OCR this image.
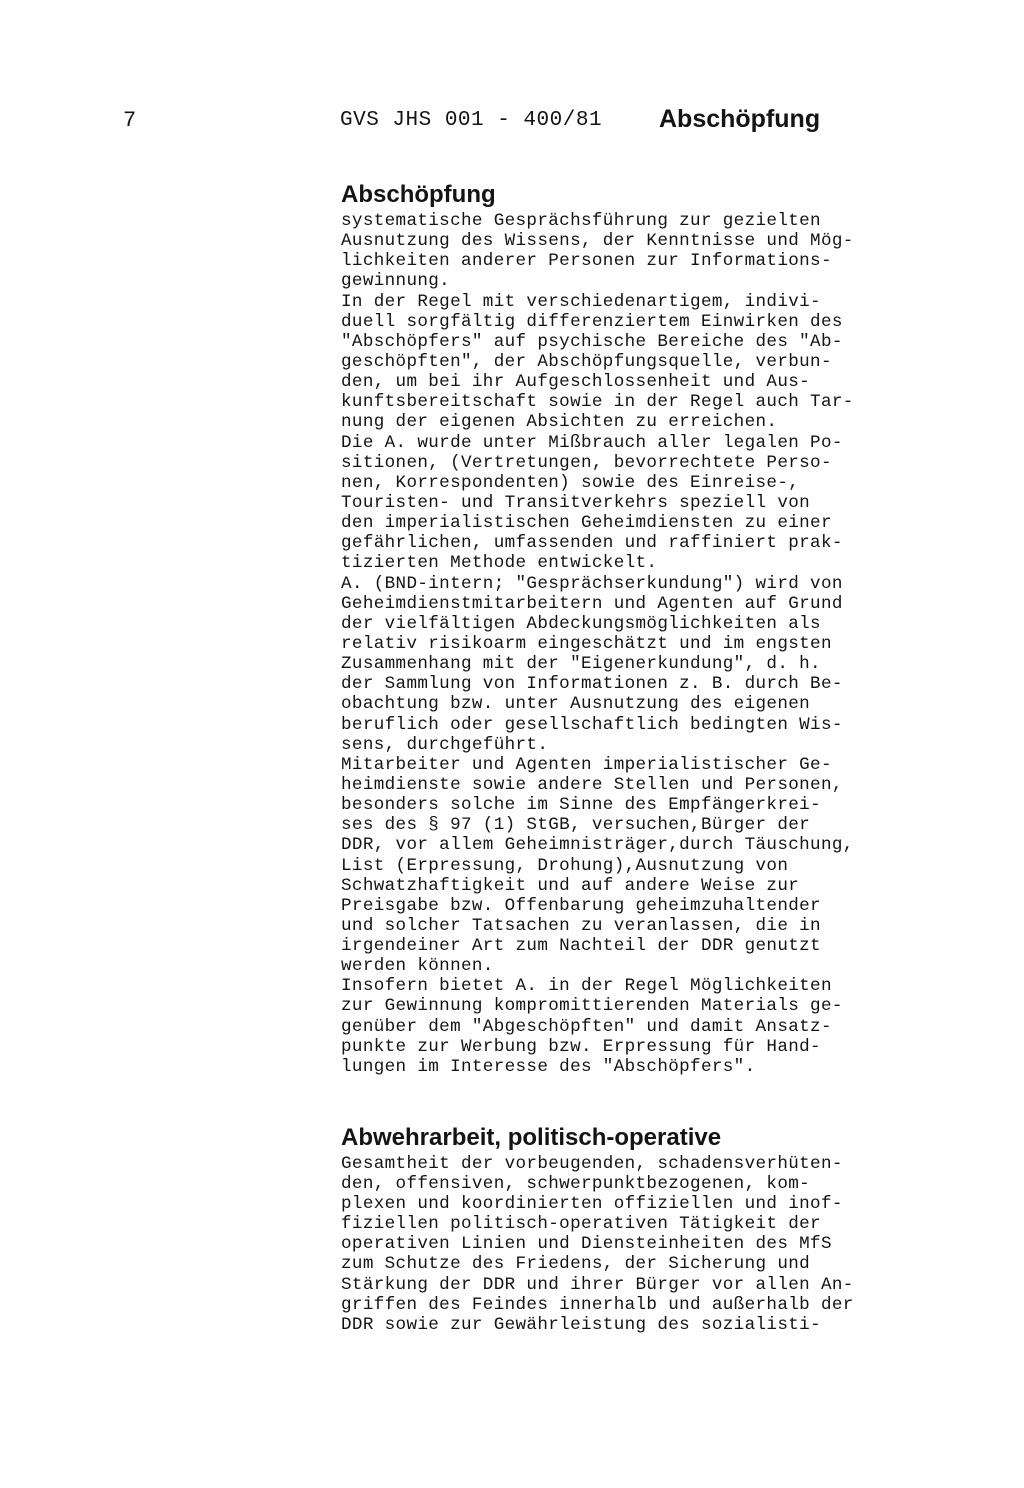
7	GVS JHS 001 - 400/81 Abschöpfung
Abschöpfung
systematische Gesprächsführung zur gezielten
Ausnutzung des Wissens, der Kenntnisse und Mög-
lichkeiten anderer Personen zur Informations-
gewinnung.
In der Regel mit verschiedenartigem, indivi-
duell sorgfältig differenziertem Einwirken des
"Abschöpfers" auf psychische Bereiche des "Ab-
geschöpften", der Abschöpfungsquelle, verbun-
den, um bei ihr Aufgeschlossenheit und Aus-
kunftsbereitschaft sowie in der Regel auch Tar-
nung der eigenen Absichten zu erreichen.
Die A. wurde unter Mißbrauch aller legalen Po-
sitionen, (Vertretungen, bevorrechtete Perso-
nen, Korrespondenten) sowie des Einreise-,
Touristen- und Transitverkehrs speziell von
den imperialistischen Geheimdiensten zu einer
gefährlichen, umfassenden und raffiniert prak-
tizierten Methode entwickelt.
A. (BND-intern; "Gesprächserkundung") wird von
Geheimdienstmitarbeitern und Agenten auf Grund
der vielfältigen Abdeckungsmöglichkeiten als
relativ risikoarm eingeschätzt und im engsten
Zusammenhang mit der "Eigenerkundung", d. h.
der Sammlung von Informationen z. B. durch Be-
obachtung bzw. unter Ausnutzung des eigenen
beruflich oder gesellschaftlich bedingten Wis-
sens, durchgeführt.
Mitarbeiter und Agenten imperialistischer Ge-
heimdienste sowie andere Stellen und Personen,
besonders solche im Sinne des Empfängerkrei-
ses des § 97 (1) StGB, versuchen,Bürger der
DDR, vor allem Geheimnisträger,durch Täuschung,
List (Erpressung, Drohung),Ausnutzung von
Schwatzhaftigkeit und auf andere Weise zur
Preisgabe bzw. Offenbarung geheimzuhaltender
und solcher Tatsachen zu veranlassen, die in
irgendeiner Art zum Nachteil der DDR genutzt
werden können.
Insofern bietet A. in der Regel Möglichkeiten
zur Gewinnung kompromittierenden Materials ge-
genüber dem "Abgeschöpften" und damit Ansatz-
punkte zur Werbung bzw. Erpressung für Hand-
lungen im Interesse des "Abschöpfers".
Abwehrarbeit, politisch-operative
Gesamtheit der vorbeugenden, schadensverhüten-
den, offensiven, schwerpunktbezogenen, kom-
plexen und koordinierten offiziellen und inof-
fiziellen politisch-operativen Tätigkeit der
operativen Linien und Diensteinheiten des MfS
zum Schutze des Friedens, der Sicherung und
Stärkung der DDR und ihrer Bürger vor allen An-
griffen des Feindes innerhalb und außerhalb der
DDR sowie zur Gewährleistung des sozialisti-
